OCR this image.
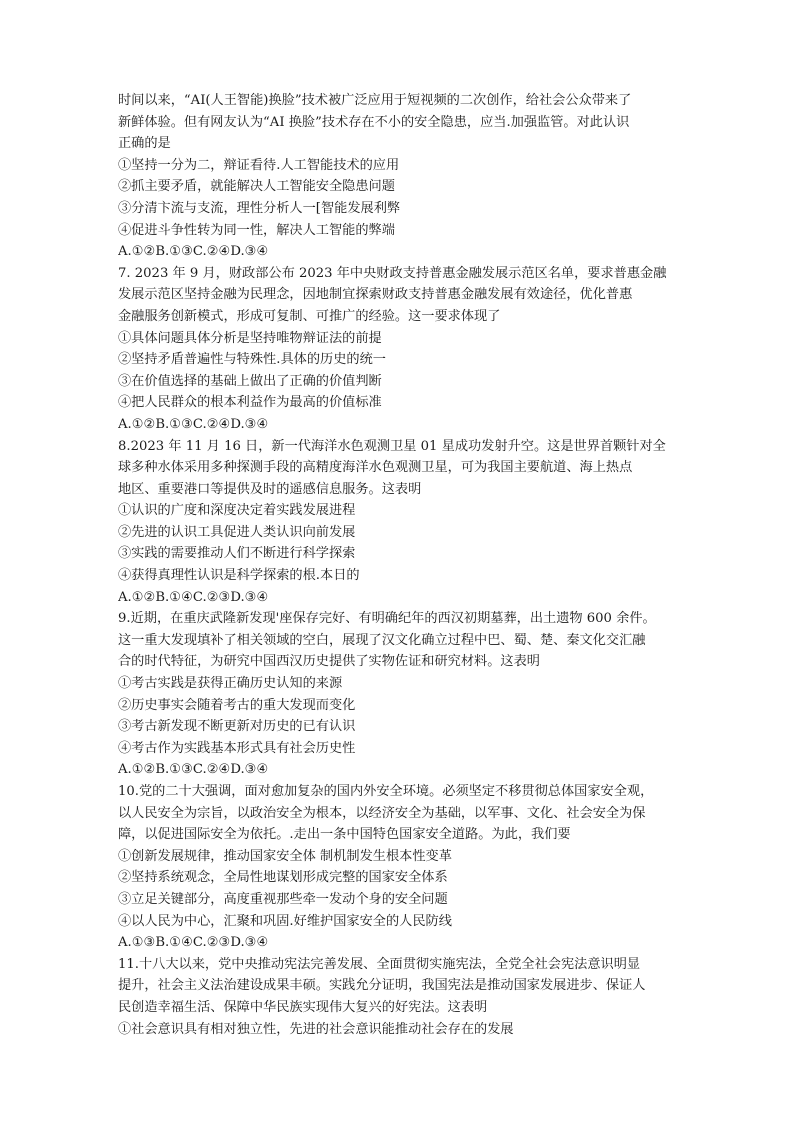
时间以来，“AI(人王智能)换脸”技术被广泛应用于短视频的二次创作，给社会公众带来了
新鲜体验。但有网友认为“AI 换脸”技术存在不小的安全隐患，应当.加强监管。对此认识
正确的是
①坚持一分为二，辩证看待.人工智能技术的应用
②抓主要矛盾，就能解决人工智能安全隐患问题
③分清卞流与支流，理性分析人一[智能发展利弊
④促进斗争性转为同一性，解决人工智能的弊端
A.①②B.①③C.②④D.③④
7. 2023 年 9 月，财政部公布 2023 年中央财政支持普惠金融发展示范区名单，要求普惠金融
发展示范区坚持金融为民理念，因地制宜探索财政支持普惠金融发展有效途径，优化普惠
金融服务创新模式，形成可复制、可推广的经验。这一要求体现了
①具体问题具体分析是坚持唯物辩证法的前提
②坚持矛盾普遍性与特殊性.具体的历史的统一
③在价值选择的基础上做出了正确的价值判断
④把人民群众的根本利益作为最高的价值标准
A.①②B.①③C.②④D.③④
8.2023 年 11 月 16 日，新一代海洋水色观测卫星 01 星成功发射升空。这是世界首颗针对全
球多种水体采用多种探测手段的高精度海洋水色观测卫星，可为我国主要航道、海上热点
地区、重要港口等提供及时的遥感信息服务。这表明
①认识的广度和深度决定着实践发展进程
②先进的认识工具促进人类认识向前发展
③实践的需要推动人们不断进行科学探索
④获得真理性认识是科学探索的根.本日的
A.①②B.①④C.②③D.③④
9.近期，在重庆武隆新发现'座保存完好、有明确纪年的西汉初期墓葬，出土遗物 600 余件。
这一重大发现填补了相关领域的空白，展现了汉文化确立过程中巴、蜀、楚、秦文化交汇融
合的时代特征，为研究中国西汉历史提供了实物佐证和研究材料。这表明
①考古实践是获得正确历史认知的来源
②历史事实会随着考古的重大发现而变化
③考古新发现不断更新对历史的已有认识
④考古作为实践基本形式具有社会历史性
A.①②B.①③C.②④D.③④
10.党的二十大强调，面对愈加复杂的国内外安全环境。必须坚定不移贯彻总体国家安全观，
以人民安全为宗旨，以政治安全为根本，以经济安全为基础，以军事、文化、社会安全为保
障，以促进国际安全为依托。.走出一条中国特色国家安全道路。为此，我们要
①创新发展规律，推动国家安全体 制机制发生根本性变革
②坚持系统观念，全局性地谋划形成完整的国家安全体系
③立足关键部分，高度重视那些牵一发动个身的安全问题
④以人民为中心，汇聚和巩固.好维护国家安全的人民防线
A.①③B.①④C.②③D.③④
11.十八大以来，党中央推动宪法完善发展、全面贯彻实施宪法，全党全社会宪法意识明显
提升，社会主义法治建设成果丰硕。实践允分证明，我国宪法是推动国家发展进步、保证人
民创造幸福生活、保障中华民族实现伟大复兴的好宪法。这表明
①社会意识具有相对独立性，先进的社会意识能推动社会存在的发展
